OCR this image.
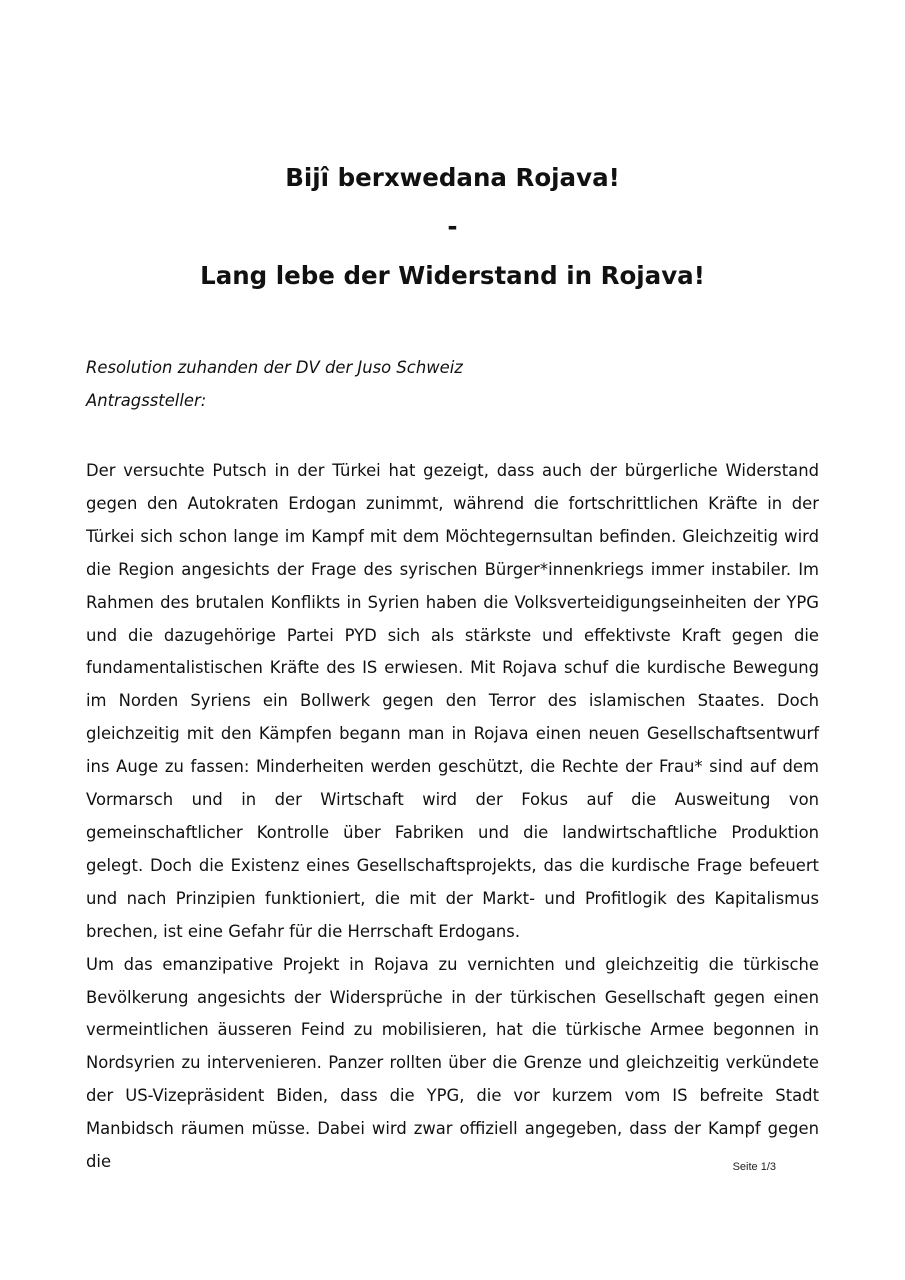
Bijî berxwedana Rojava!
-
Lang lebe der Widerstand in Rojava!
Resolution zuhanden der DV der Juso Schweiz
Antragssteller:

Der versuchte Putsch in der Türkei hat gezeigt, dass auch der bürgerliche Widerstand gegen den Autokraten Erdogan zunimmt, während die fortschrittlichen Kräfte in der Türkei sich schon lange im Kampf mit dem Möchtegernsultan befinden. Gleichzeitig wird die Region angesichts der Frage des syrischen Bürger*innenkriegs immer instabiler. Im Rahmen des brutalen Konflikts in Syrien haben die Volksverteidigungseinheiten der YPG und die dazugehörige Partei PYD sich als stärkste und effektivste Kraft gegen die fundamentalistischen Kräfte des IS erwiesen. Mit Rojava schuf die kurdische Bewegung im Norden Syriens ein Bollwerk gegen den Terror des islamischen Staates. Doch gleichzeitig mit den Kämpfen begann man in Rojava einen neuen Gesellschaftsentwurf ins Auge zu fassen: Minderheiten werden geschützt, die Rechte der Frau* sind auf dem Vormarsch und in der Wirtschaft wird der Fokus auf die Ausweitung von gemeinschaftlicher Kontrolle über Fabriken und die landwirtschaftliche Produktion gelegt. Doch die Existenz eines Gesellschaftsprojekts, das die kurdische Frage befeuert und nach Prinzipien funktioniert, die mit der Markt- und Profitlogik des Kapitalismus brechen, ist eine Gefahr für die Herrschaft Erdogans.

Um das emanzipative Projekt in Rojava zu vernichten und gleichzeitig die türkische Bevölkerung angesichts der Widersprüche in der türkischen Gesellschaft gegen einen vermeintlichen äusseren Feind zu mobilisieren, hat die türkische Armee begonnen in Nordsyrien zu intervenieren. Panzer rollten über die Grenze und gleichzeitig verkündete der US-Vizepräsident Biden, dass die YPG, die vor kurzem vom IS befreite Stadt Manbidsch räumen müsse. Dabei wird zwar offiziell angegeben, dass der Kampf gegen die	Seite 1/3
